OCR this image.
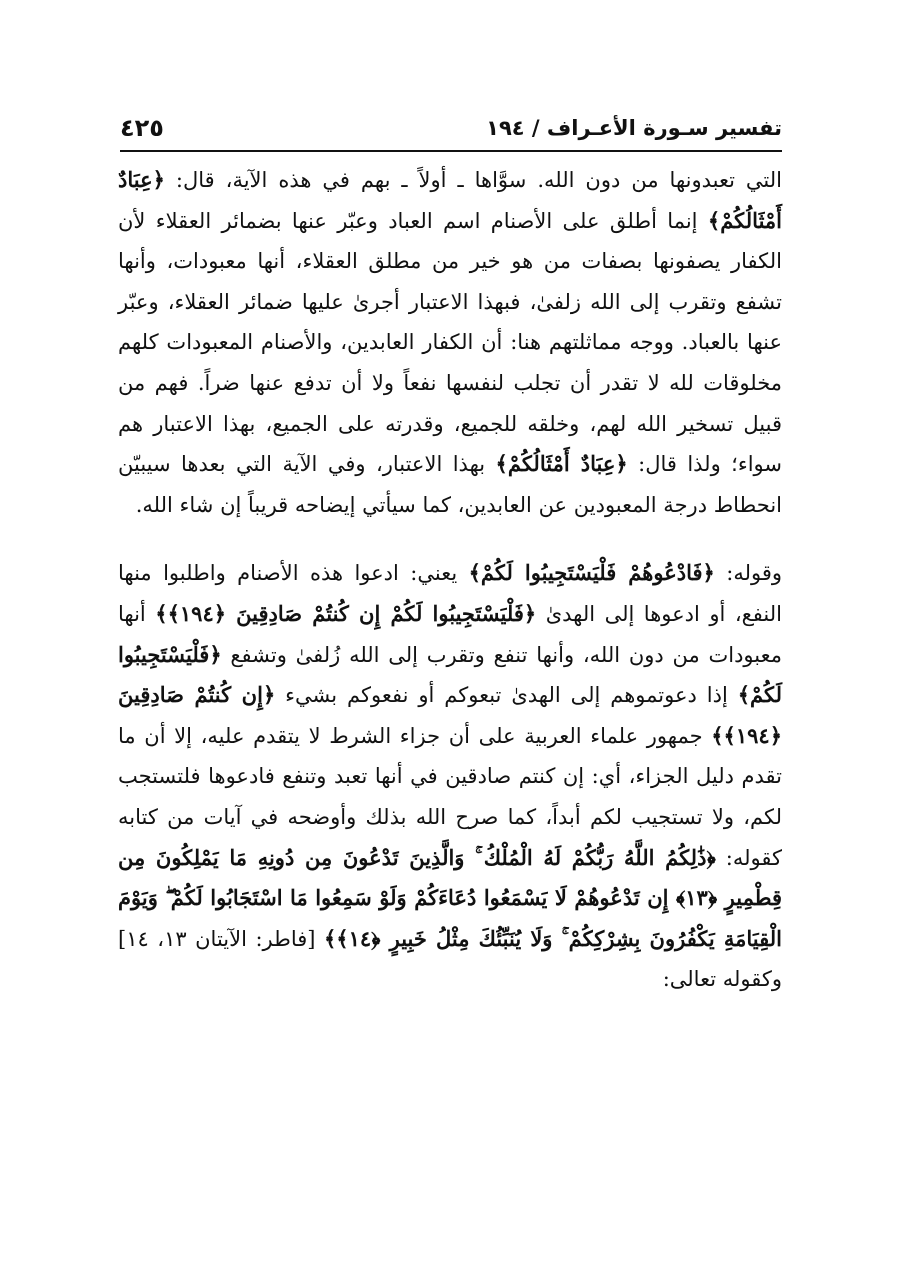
تفسير سـورة الأعـراف / ١٩٤
٤٢٥

التي تعبدونها من دون الله. سوَّاها ـ أولاً ـ بهم في هذه الآية، قال: ﴿عِبَادٌ أَمْثَالُكُمْ﴾ إنما أطلق على الأصنام اسم العباد وعبّر عنها بضمائر العقلاء لأن الكفار يصفونها بصفات من هو خير من مطلق العقلاء، أنها معبودات، وأنها تشفع وتقرب إلى الله زلفىٰ، فبهذا الاعتبار أجرىٰ عليها ضمائر العقلاء، وعبّر عنها بالعباد. ووجه مماثلتهم هنا: أن الكفار العابدين، والأصنام المعبودات كلهم مخلوقات لله لا تقدر أن تجلب لنفسها نفعاً ولا أن تدفع عنها ضراً. فهم من قبيل تسخير الله لهم، وخلقه للجميع، وقدرته على الجميع، بهذا الاعتبار هم سواء؛ ولذا قال: ﴿عِبَادٌ أَمْثَالُكُمْ﴾ بهذا الاعتبار، وفي الآية التي بعدها سيبيّن انحطاط درجة المعبودين عن العابدين، كما سيأتي إيضاحه قريباً إن شاء الله.

وقوله: ﴿فَادْعُوهُمْ فَلْيَسْتَجِيبُوا لَكُمْ﴾ يعني: ادعوا هذه الأصنام واطلبوا منها النفع، أو ادعوها إلى الهدىٰ ﴿فَلْيَسْتَجِيبُوا لَكُمْ إِن كُنتُمْ صَادِقِينَ ﴿١٩٤﴾﴾ أنها معبودات من دون الله، وأنها تنفع وتقرب إلى الله زُلفىٰ وتشفع ﴿فَلْيَسْتَجِيبُوا لَكُمْ﴾ إذا دعوتموهم إلى الهدىٰ تبعوكم أو نفعوكم بشيء ﴿إِن كُنتُمْ صَادِقِينَ ﴿١٩٤﴾﴾ جمهور علماء العربية على أن جزاء الشرط لا يتقدم عليه، إلا أن ما تقدم دليل الجزاء، أي: إن كنتم صادقين في أنها تعبد وتنفع فادعوها فلتستجب لكم، ولا تستجيب لكم أبداً، كما صرح الله بذلك وأوضحه في آيات من كتابه كقوله: ﴿ذَٰلِكُمُ اللَّهُ رَبُّكُمْ لَهُ الْمُلْكُ ۚ وَالَّذِينَ تَدْعُونَ مِن دُونِهِ مَا يَمْلِكُونَ مِن قِطْمِيرٍ ﴿١٣﴾ إِن تَدْعُوهُمْ لَا يَسْمَعُوا دُعَاءَكُمْ وَلَوْ سَمِعُوا مَا اسْتَجَابُوا لَكُمْ ۖ وَيَوْمَ الْقِيَامَةِ يَكْفُرُونَ بِشِرْكِكُمْ ۚ وَلَا يُنَبِّئُكَ مِثْلُ خَبِيرٍ ﴿١٤﴾﴾ [فاطر: الآيتان ١٣، ١٤] وكقوله تعالى:
